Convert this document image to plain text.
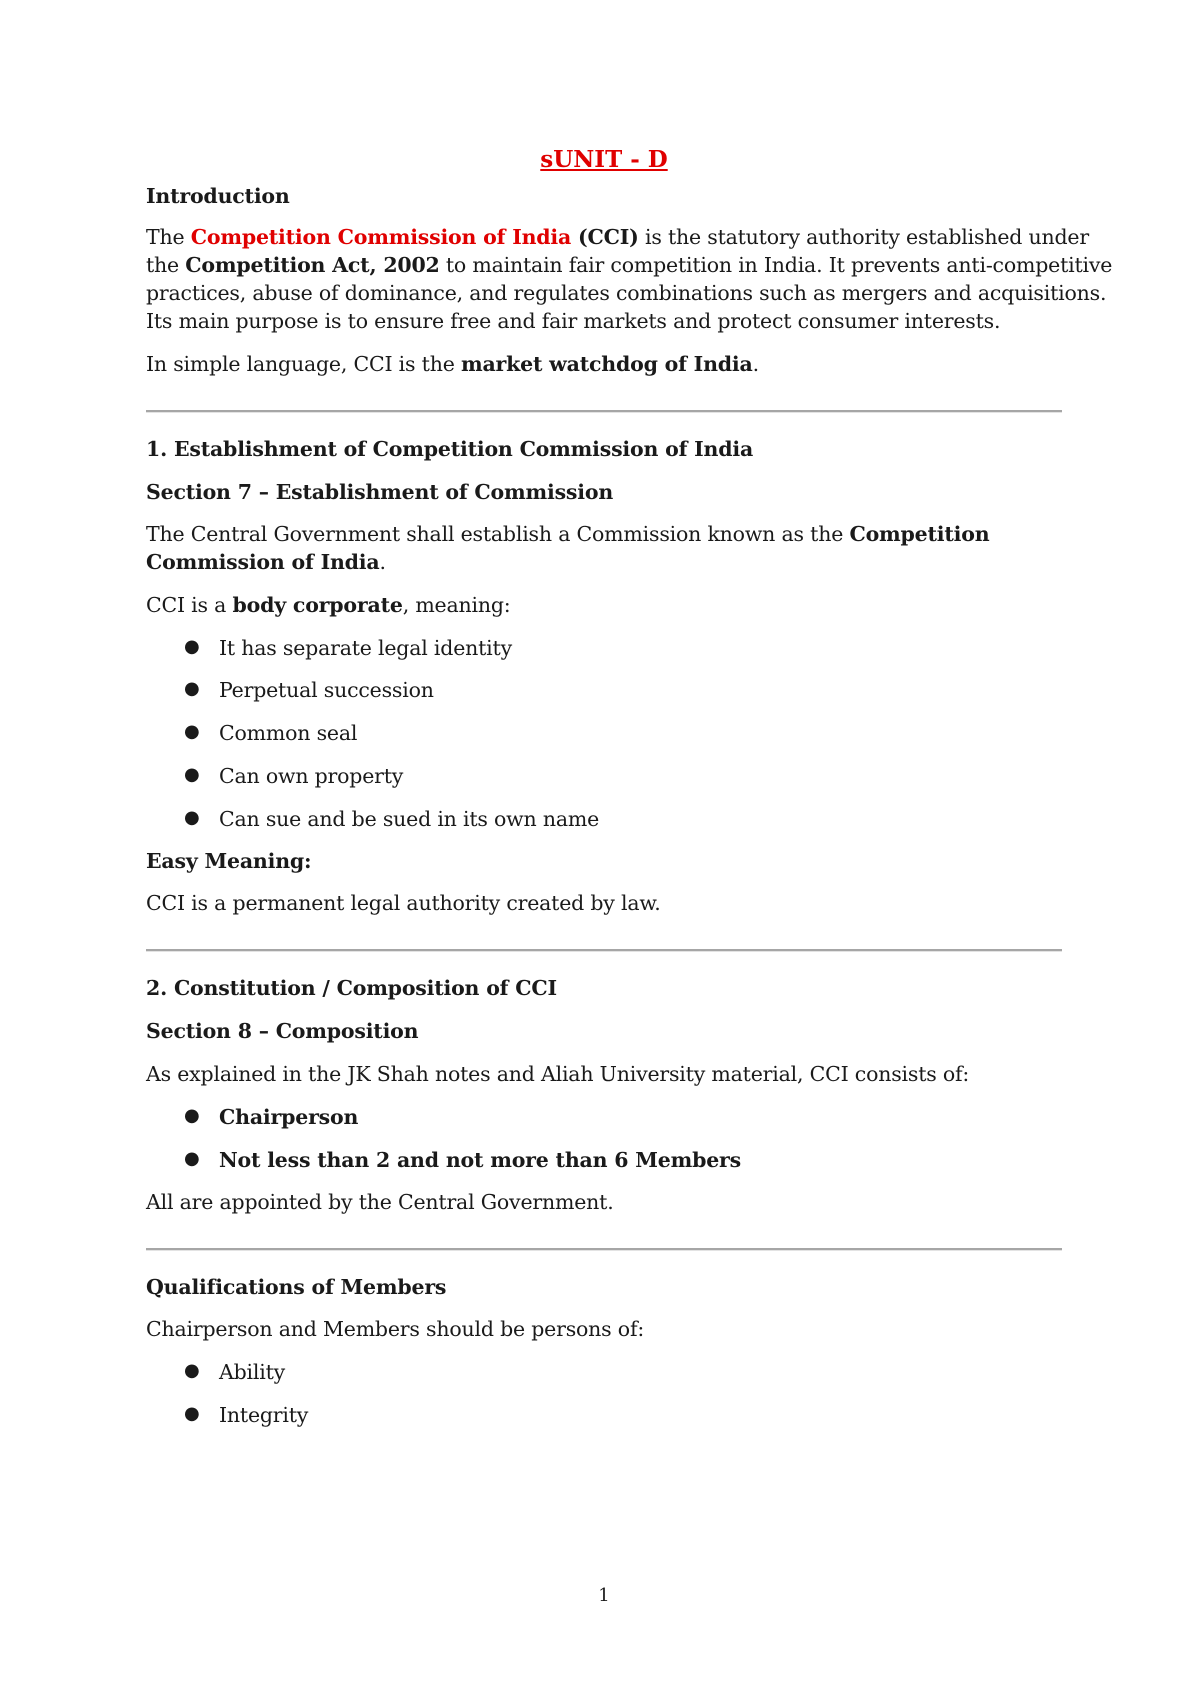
sUNIT - D
Introduction
The Competition Commission of India (CCI) is the statutory authority established under
the Competition Act, 2002 to maintain fair competition in India. It prevents anti-competitive
practices, abuse of dominance, and regulates combinations such as mergers and acquisitions.
Its main purpose is to ensure free and fair markets and protect consumer interests.
In simple language, CCI is the market watchdog of India.
1. Establishment of Competition Commission of India
Section 7 – Establishment of Commission
The Central Government shall establish a Commission known as the Competition
Commission of India.
CCI is a body corporate, meaning:
● It has separate legal identity
● Perpetual succession
● Common seal
● Can own property
● Can sue and be sued in its own name
Easy Meaning:
CCI is a permanent legal authority created by law.
2. Constitution / Composition of CCI
Section 8 – Composition
As explained in the JK Shah notes and Aliah University material, CCI consists of:
● Chairperson
● Not less than 2 and not more than 6 Members
All are appointed by the Central Government.
Qualifications of Members
Chairperson and Members should be persons of:
● Ability
● Integrity
1
